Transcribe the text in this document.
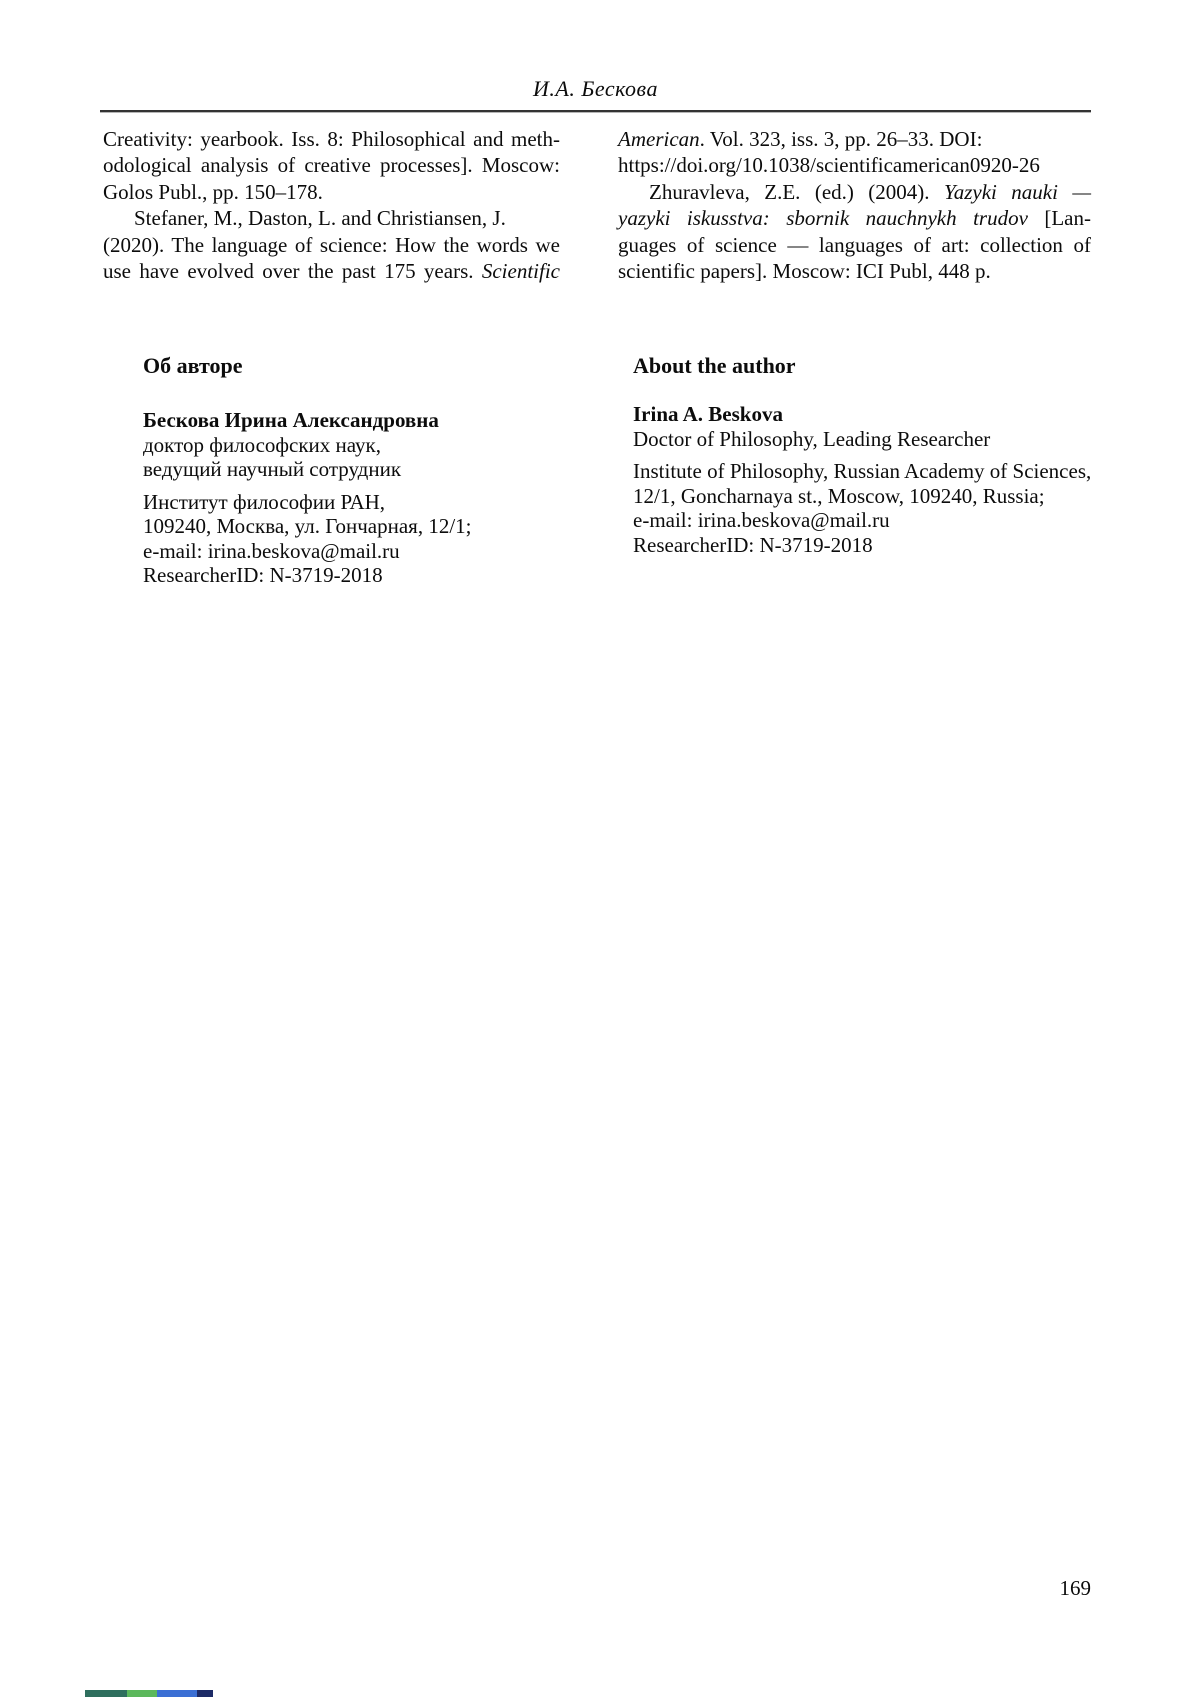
И.А. Бескова
Creativity: yearbook. Iss. 8: Philosophical and meth-
odological analysis of creative processes]. Moscow:
Golos Publ., pp. 150–178.
Stefaner, M., Daston, L. and Christiansen, J.
(2020). The language of science: How the words we
use have evolved over the past 175 years. Scientific
American. Vol. 323, iss. 3, pp. 26–33. DOI:
https://doi.org/10.1038/scientificamerican0920-26
Zhuravleva, Z.E. (ed.) (2004). Yazyki nauki —
yazyki iskusstva: sbornik nauchnykh trudov [Lan-
guages of science — languages of art: collection of
scientific papers]. Moscow: ICI Publ, 448 p.
Об авторе	About the author
Бескова Ирина Александровна
доктор философских наук,
ведущий научный сотрудник
Институт философии РАН,
109240, Москва, ул. Гончарная, 12/1;
e-mail: irina.beskova@mail.ru
ResearcherID: N-3719-2018
Irina A. Beskova
Doctor of Philosophy, Leading Researcher
Institute of Philosophy, Russian Academy of Sciences,
12/1, Goncharnaya st., Moscow, 109240, Russia;
e-mail: irina.beskova@mail.ru
ResearcherID: N-3719-2018
169
